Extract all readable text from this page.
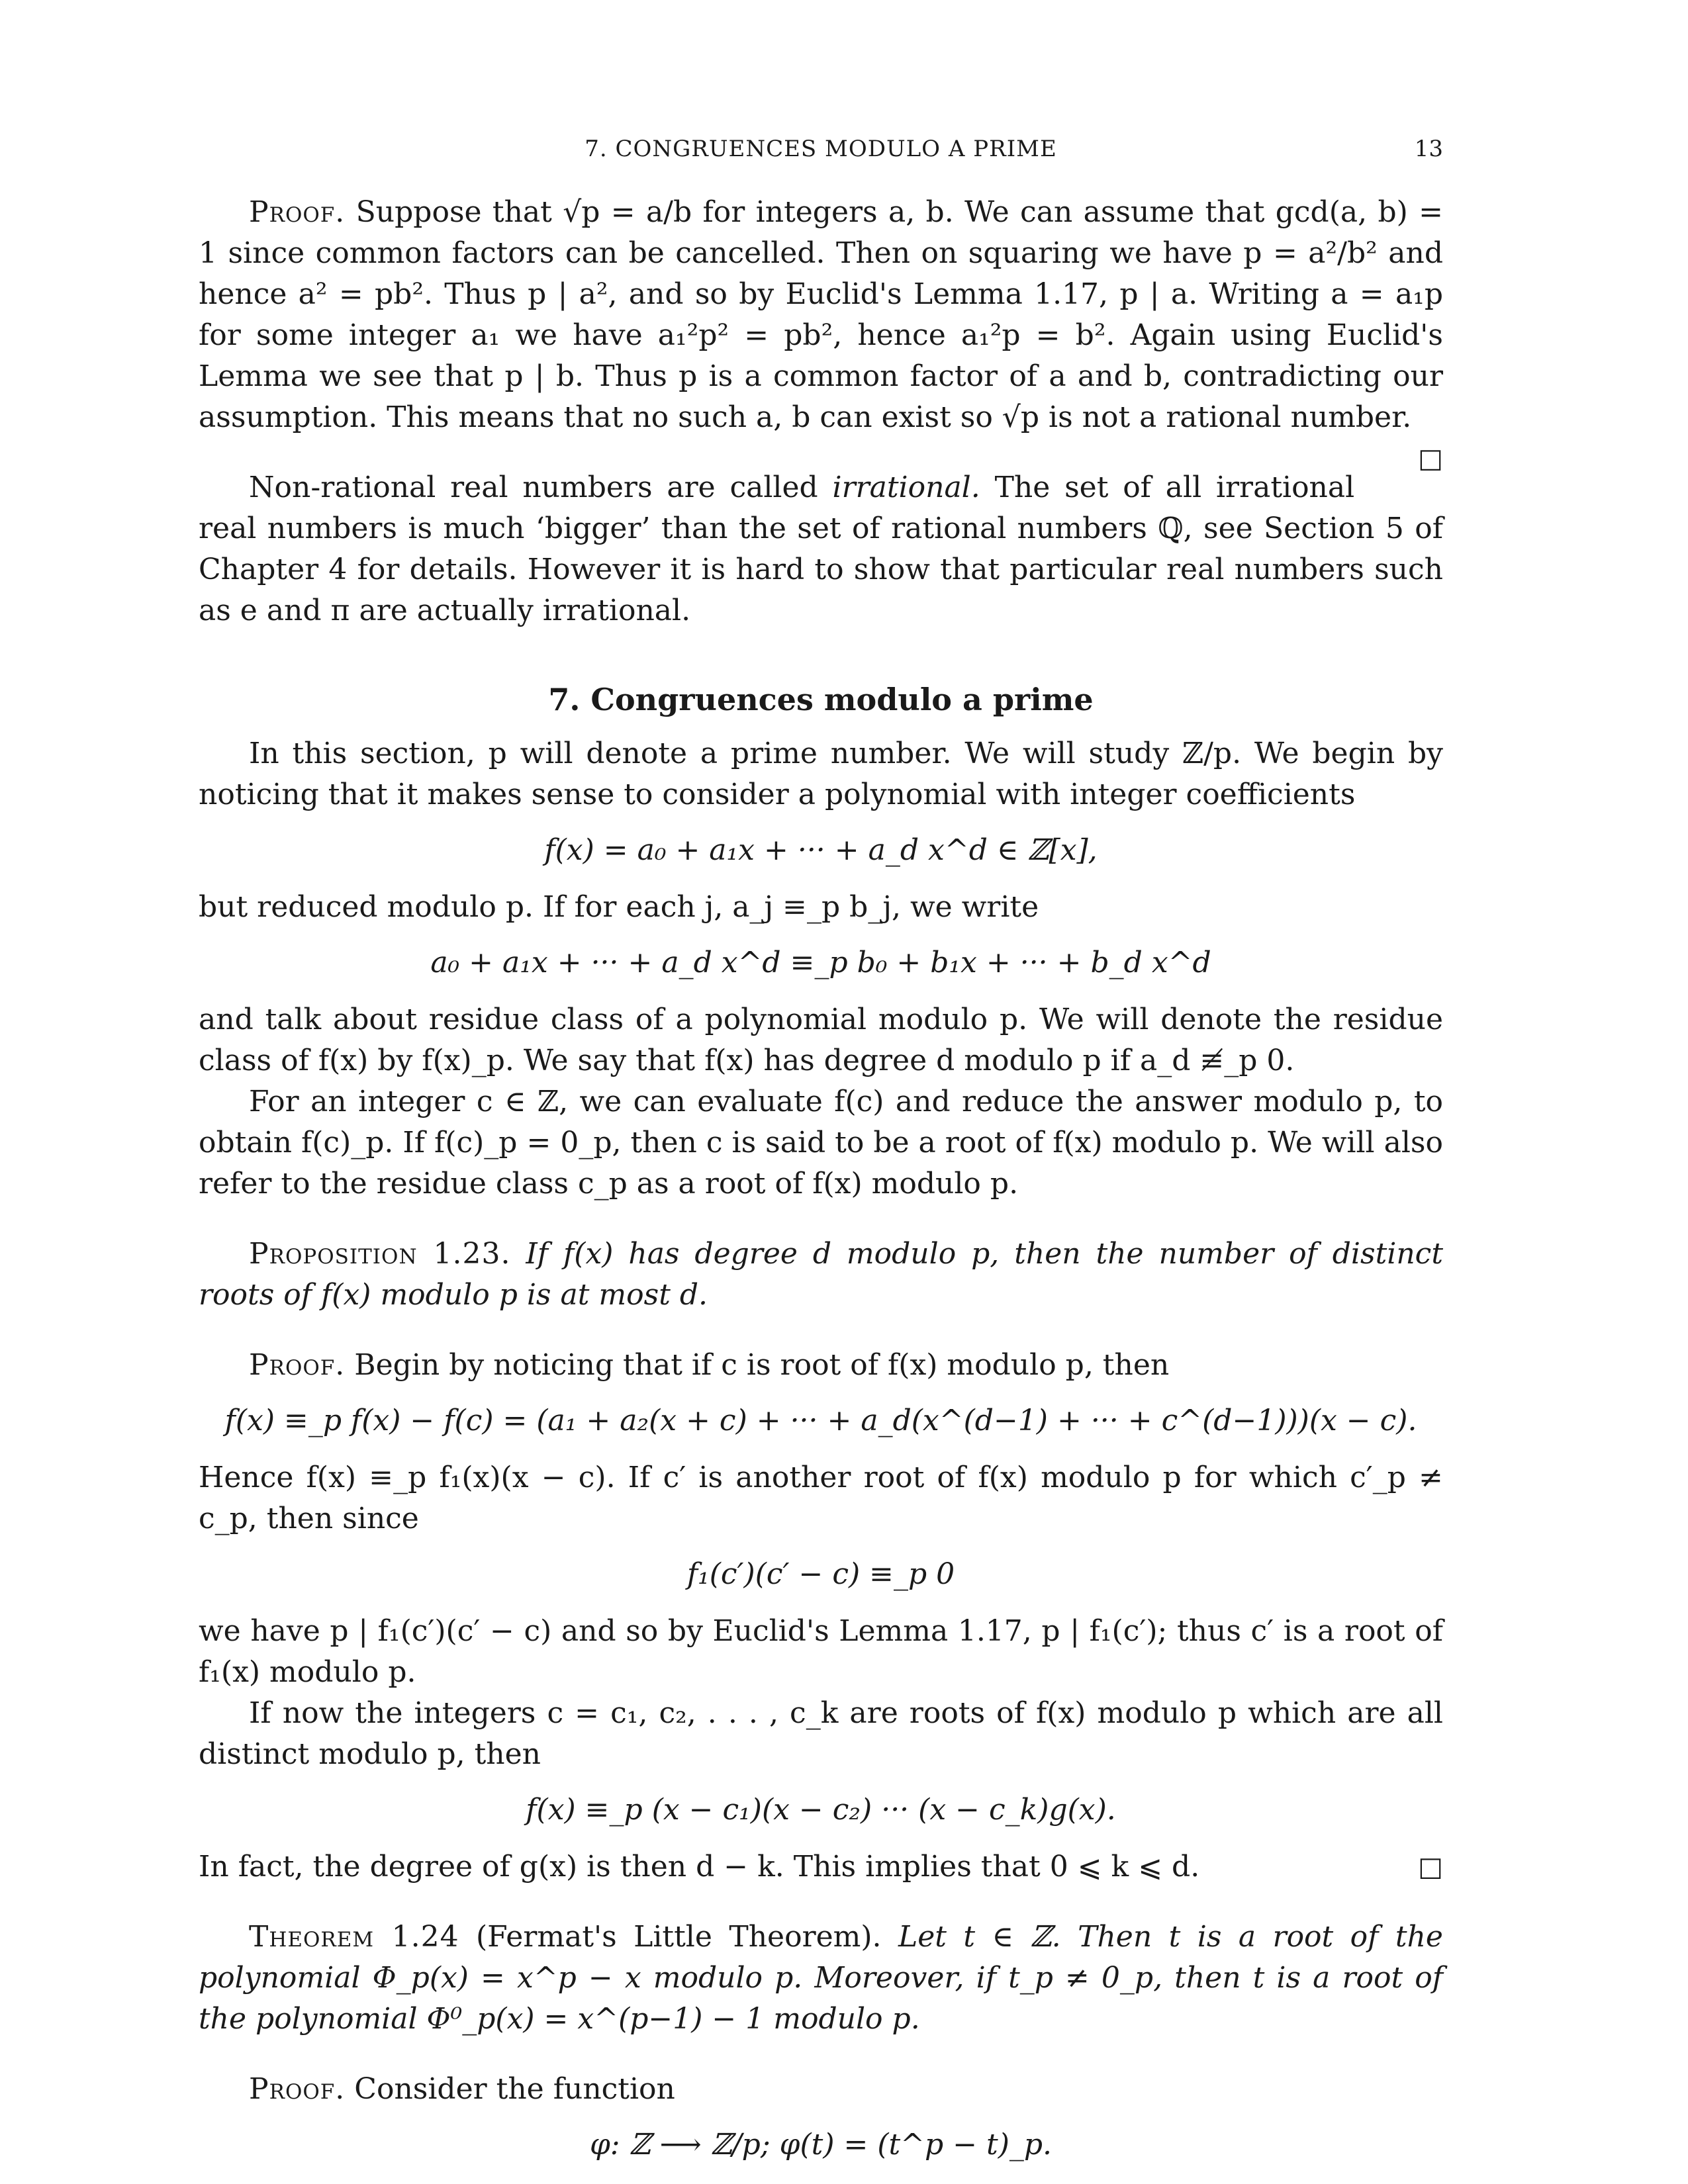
7. CONGRUENCES MODULO A PRIME	13

Proof. Suppose that √p = a/b for integers a, b. We can assume that gcd(a, b) = 1 since common factors can be cancelled. Then on squaring we have p = a²/b² and hence a² = pb². Thus p | a², and so by Euclid's Lemma 1.17, p | a. Writing a = a₁p for some integer a₁ we have a₁²p² = pb², hence a₁²p = b². Again using Euclid's Lemma we see that p | b. Thus p is a common factor of a and b, contradicting our assumption. This means that no such a, b can exist so √p is not a rational number.
□

Non-rational real numbers are called irrational. The set of all irrational real numbers is much ‘bigger’ than the set of rational numbers ℚ, see Section 5 of Chapter 4 for details. However it is hard to show that particular real numbers such as e and π are actually irrational.

7. Congruences modulo a prime

In this section, p will denote a prime number. We will study ℤ/p. We begin by noticing that it makes sense to consider a polynomial with integer coefficients

f(x) = a₀ + a₁x + ··· + a_d x^d ∈ ℤ[x],

but reduced modulo p. If for each j, a_j ≡_p b_j, we write

a₀ + a₁x + ··· + a_d x^d ≡_p b₀ + b₁x + ··· + b_d x^d

and talk about residue class of a polynomial modulo p. We will denote the residue class of f(x) by f(x)_p. We say that f(x) has degree d modulo p if a_d ≢_p 0.

For an integer c ∈ ℤ, we can evaluate f(c) and reduce the answer modulo p, to obtain f(c)_p. If f(c)_p = 0_p, then c is said to be a root of f(x) modulo p. We will also refer to the residue class c_p as a root of f(x) modulo p.

Proposition 1.23. If f(x) has degree d modulo p, then the number of distinct roots of f(x) modulo p is at most d.

Proof. Begin by noticing that if c is root of f(x) modulo p, then

f(x) ≡_p f(x) − f(c) = (a₁ + a₂(x + c) + ··· + a_d(x^(d−1) + ··· + c^(d−1)))(x − c).

Hence f(x) ≡_p f₁(x)(x − c). If c′ is another root of f(x) modulo p for which c′_p ≠ c_p, then since

f₁(c′)(c′ − c) ≡_p 0

we have p | f₁(c′)(c′ − c) and so by Euclid's Lemma 1.17, p | f₁(c′); thus c′ is a root of f₁(x) modulo p.

If now the integers c = c₁, c₂, . . . , c_k are roots of f(x) modulo p which are all distinct modulo p, then

f(x) ≡_p (x − c₁)(x − c₂) ··· (x − c_k)g(x).

In fact, the degree of g(x) is then d − k. This implies that 0 ⩽ k ⩽ d.	□

Theorem 1.24 (Fermat's Little Theorem). Let t ∈ ℤ. Then t is a root of the polynomial Φ_p(x) = x^p − x modulo p. Moreover, if t_p ≠ 0_p, then t is a root of the polynomial Φ⁰_p(x) = x^(p−1) − 1 modulo p.

Proof. Consider the function

φ: ℤ ⟶ ℤ/p; φ(t) = (t^p − t)_p.
